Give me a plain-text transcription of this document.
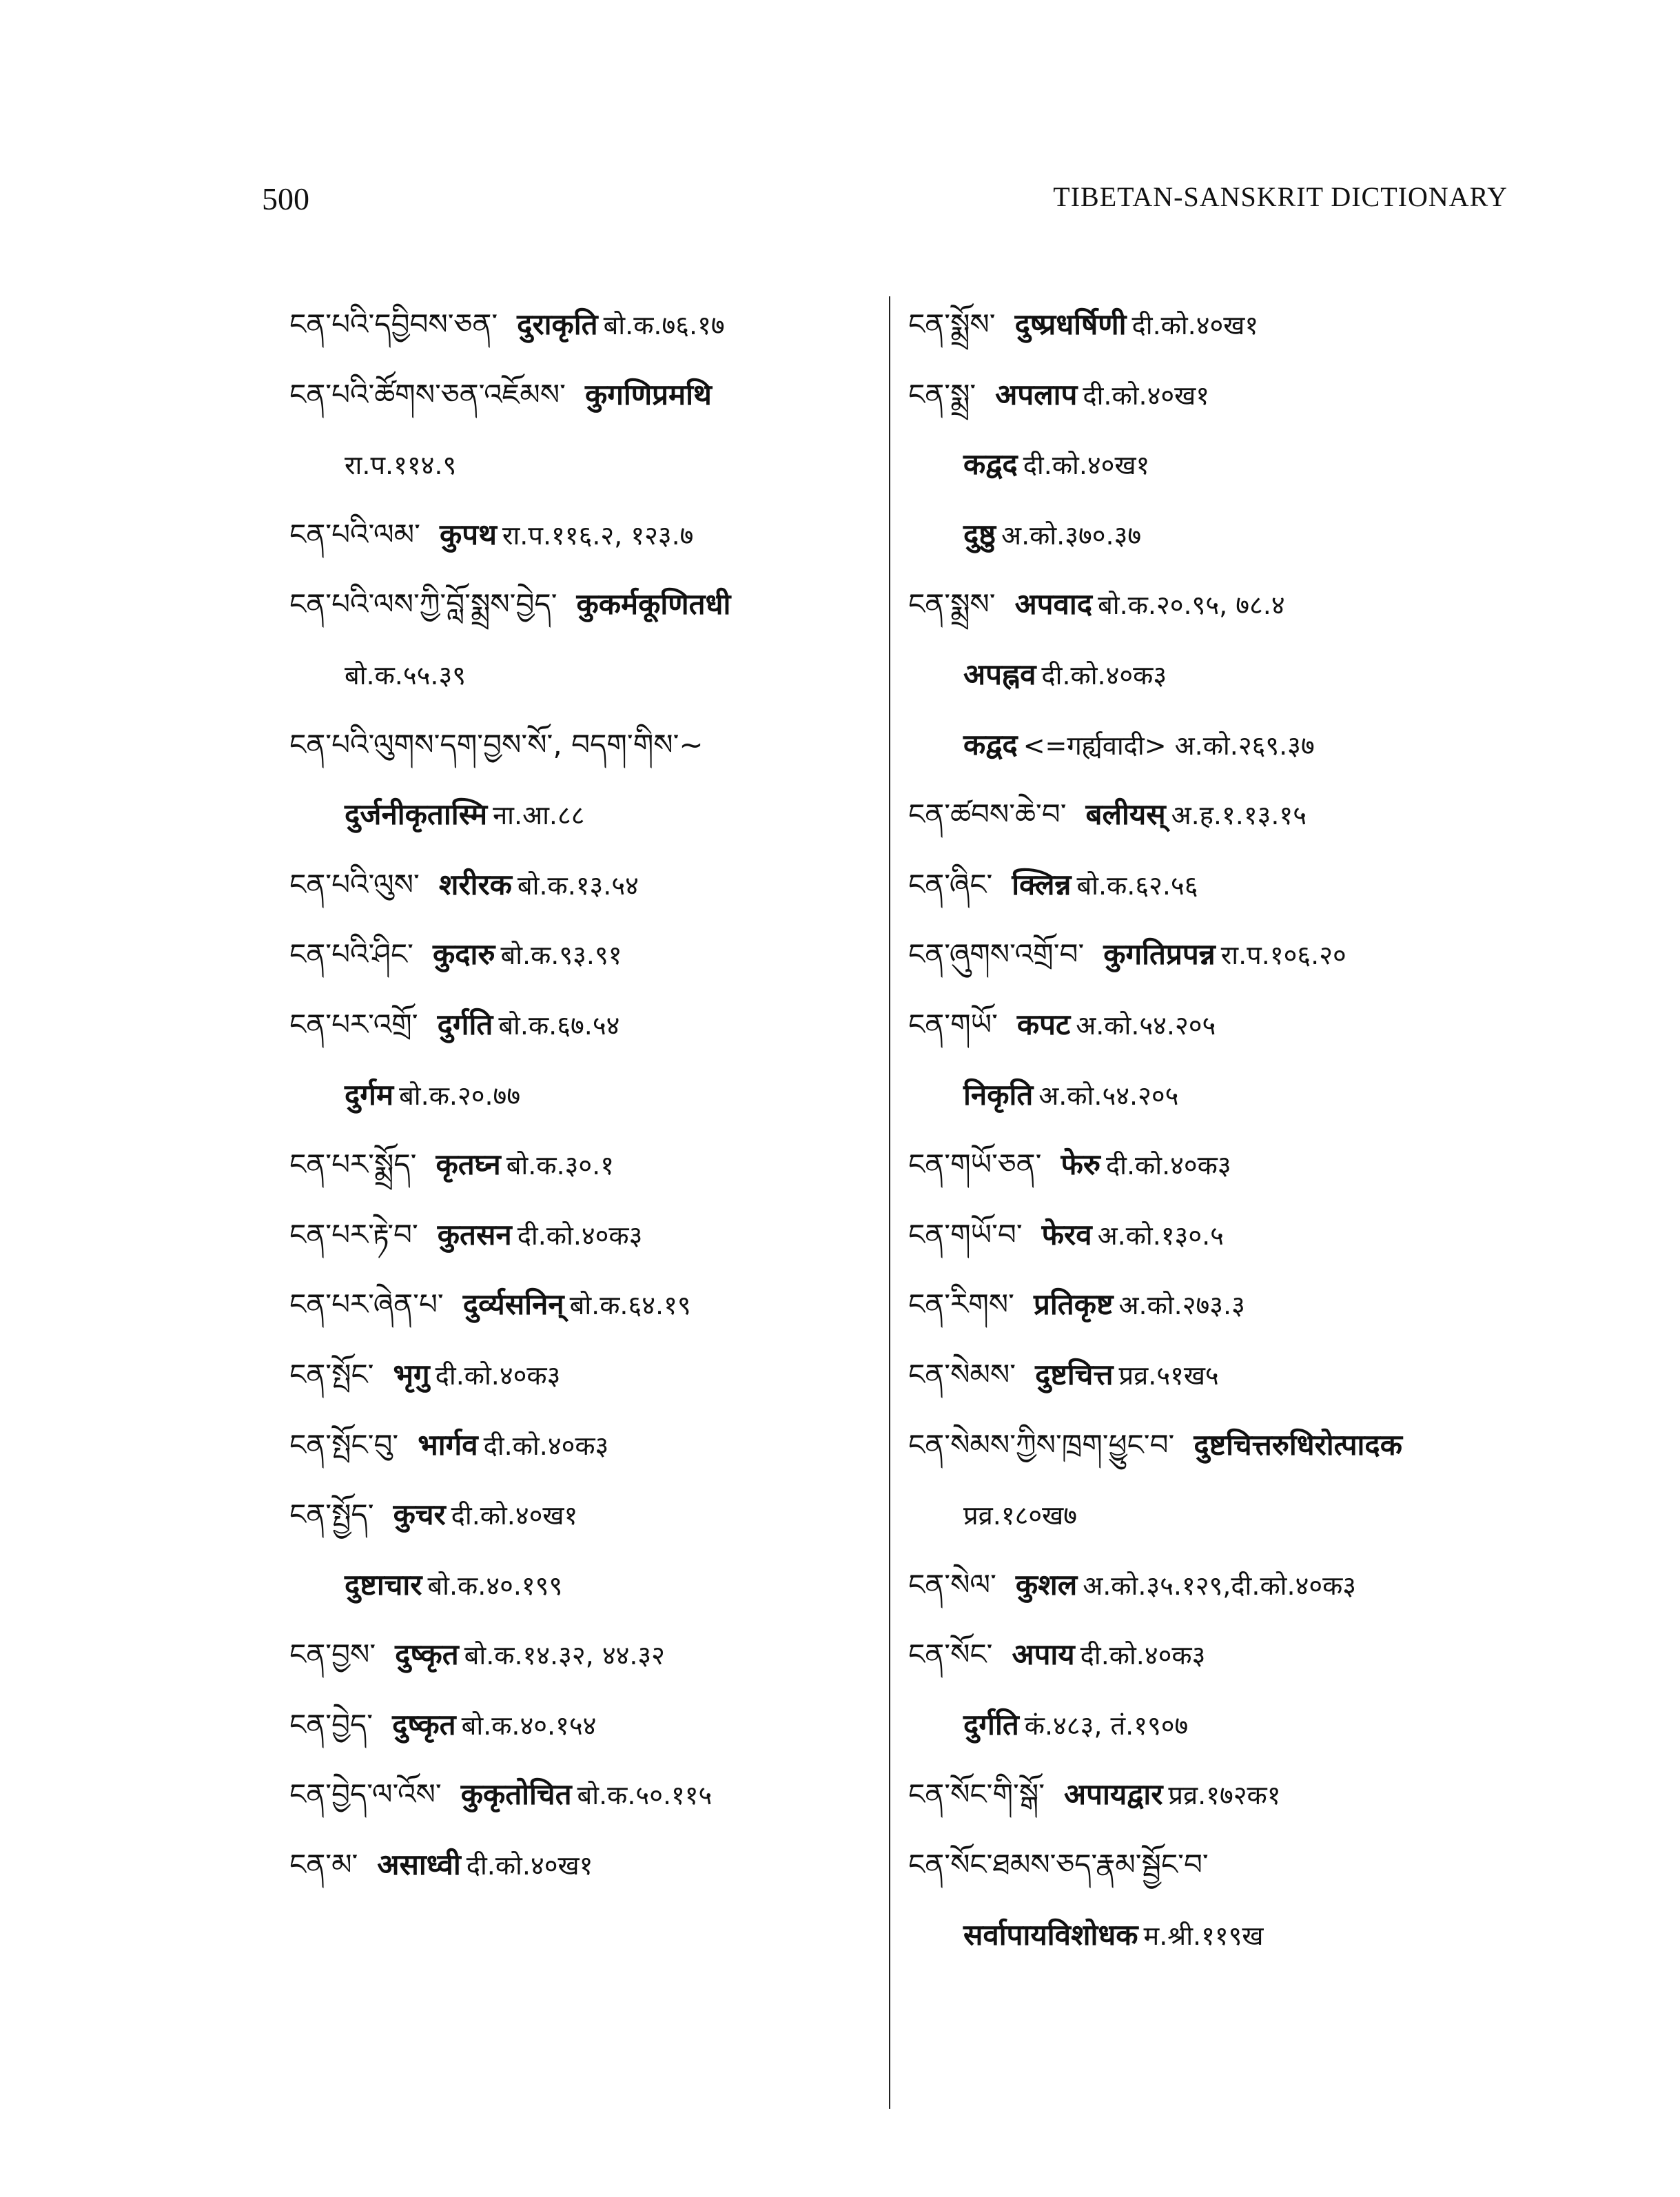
500	TIBETAN-SANSKRIT DICTIONARY
ངན་པའི་དབྱིབས་ཅན་ दुराकृति बो.क.७६.१७
ངན་པའི་ཚོགས་ཅན་འཇོམས་ कुगणिप्रमथि
रा.प.११४.९
ངན་པའི་ལམ་ कुपथ रा.प.११६.२, १२३.७
ངན་པའི་ལས་ཀྱི་བློ་སྨྲས་བྱེད་ कुकर्मकूणितधी
बो.क.५५.३९
ངན་པའི་ལུགས་དག་བྱས་སོ་, བདག་གིས་~
दुर्जनीकृतास्मि ना.आ.८८
ངན་པའི་ལུས་ शरीरक बो.क.१३.५४
ངན་པའི་ཤིང་ कुदारु बो.क.९३.९१
ངན་པར་འགྲོ་ दुर्गति बो.क.६७.५४
दुर्गम बो.क.२०.७७
ངན་པར་སྨྲོད་ कृतघ्न बो.क.३०.१
ངན་པར་རྟེ་བ་ कुतसन दी.को.४०क३
ངན་པར་ཞེན་པ་ दुर्व्यसनिन् बो.क.६४.१९
ངན་སྤོང་ भृगु दी.को.४०क३
ངན་སྤོང་བུ་ भार्गव दी.को.४०क३
ངན་སྤྱོད་ कुचर दी.को.४०ख१
दुष्टाचार बो.क.४०.१९९
ངན་བྱས་ दुष्कृत बो.क.१४.३२, ४४.३२
ངན་བྱེད་ दुष्कृत बो.क.४०.१५४
ངན་བྱེད་ལ་འོས་ कुकृतोचित बो.क.५०.११५
ངན་མ་ असाध्वी दी.को.४०ख१
ངན་སྨྲོས་ दुष्प्रधर्षिणी दी.को.४०ख१
ངན་སྨྲ་ अपलाप दी.को.४०ख१
कद्वद दी.को.४०ख१
दुष्ठु अ.को.३७०.३७
ངན་སྨྲས་ अपवाद बो.क.२०.९५, ७८.४
अपह्नव दी.को.४०क३
कद्वद <=गर्ह्यवादी> अ.को.२६९.३७
ངན་ཚབས་ཆེ་བ་ बलीयस् अ.ह.१.१३.१५
ངན་ཞིང་ क्लिन्न बो.क.६२.५६
ངན་ཞུགས་འགྲོ་བ་ कुगतिप्रपन्न रा.प.१०६.२०
ངན་གཡོ་ कपट अ.को.५४.२०५
निकृति अ.को.५४.२०५
ངན་གཡོ་ཅན་ फेरु दी.को.४०क३
ངན་གཡོ་བ་ फेरव अ.को.१३०.५
ངན་རིགས་ प्रतिकृष्ट अ.को.२७३.३
ངན་སེམས་ दुष्टचित्त प्रव्र.५१ख५
ངན་སེམས་ཀྱིས་ཁྲག་ཕྱུང་བ་ दुष्टचित्तरुधिरोत्पादक
प्रव्र.१८०ख७
ངན་སེལ་ कुशल अ.को.३५.१२९,दी.को.४०क३
ངན་སོང་ अपाय दी.को.४०क३
दुर्गति कं.४८३, तं.१९०७
ངན་སོང་གི་སྒོ་ अपायद्वार प्रव्र.१७२क१
ངན་སོང་ཐམས་ཅད་རྣམ་སྦྱོང་བ་
सर्वापायविशोधक म.श्री.११९ख
